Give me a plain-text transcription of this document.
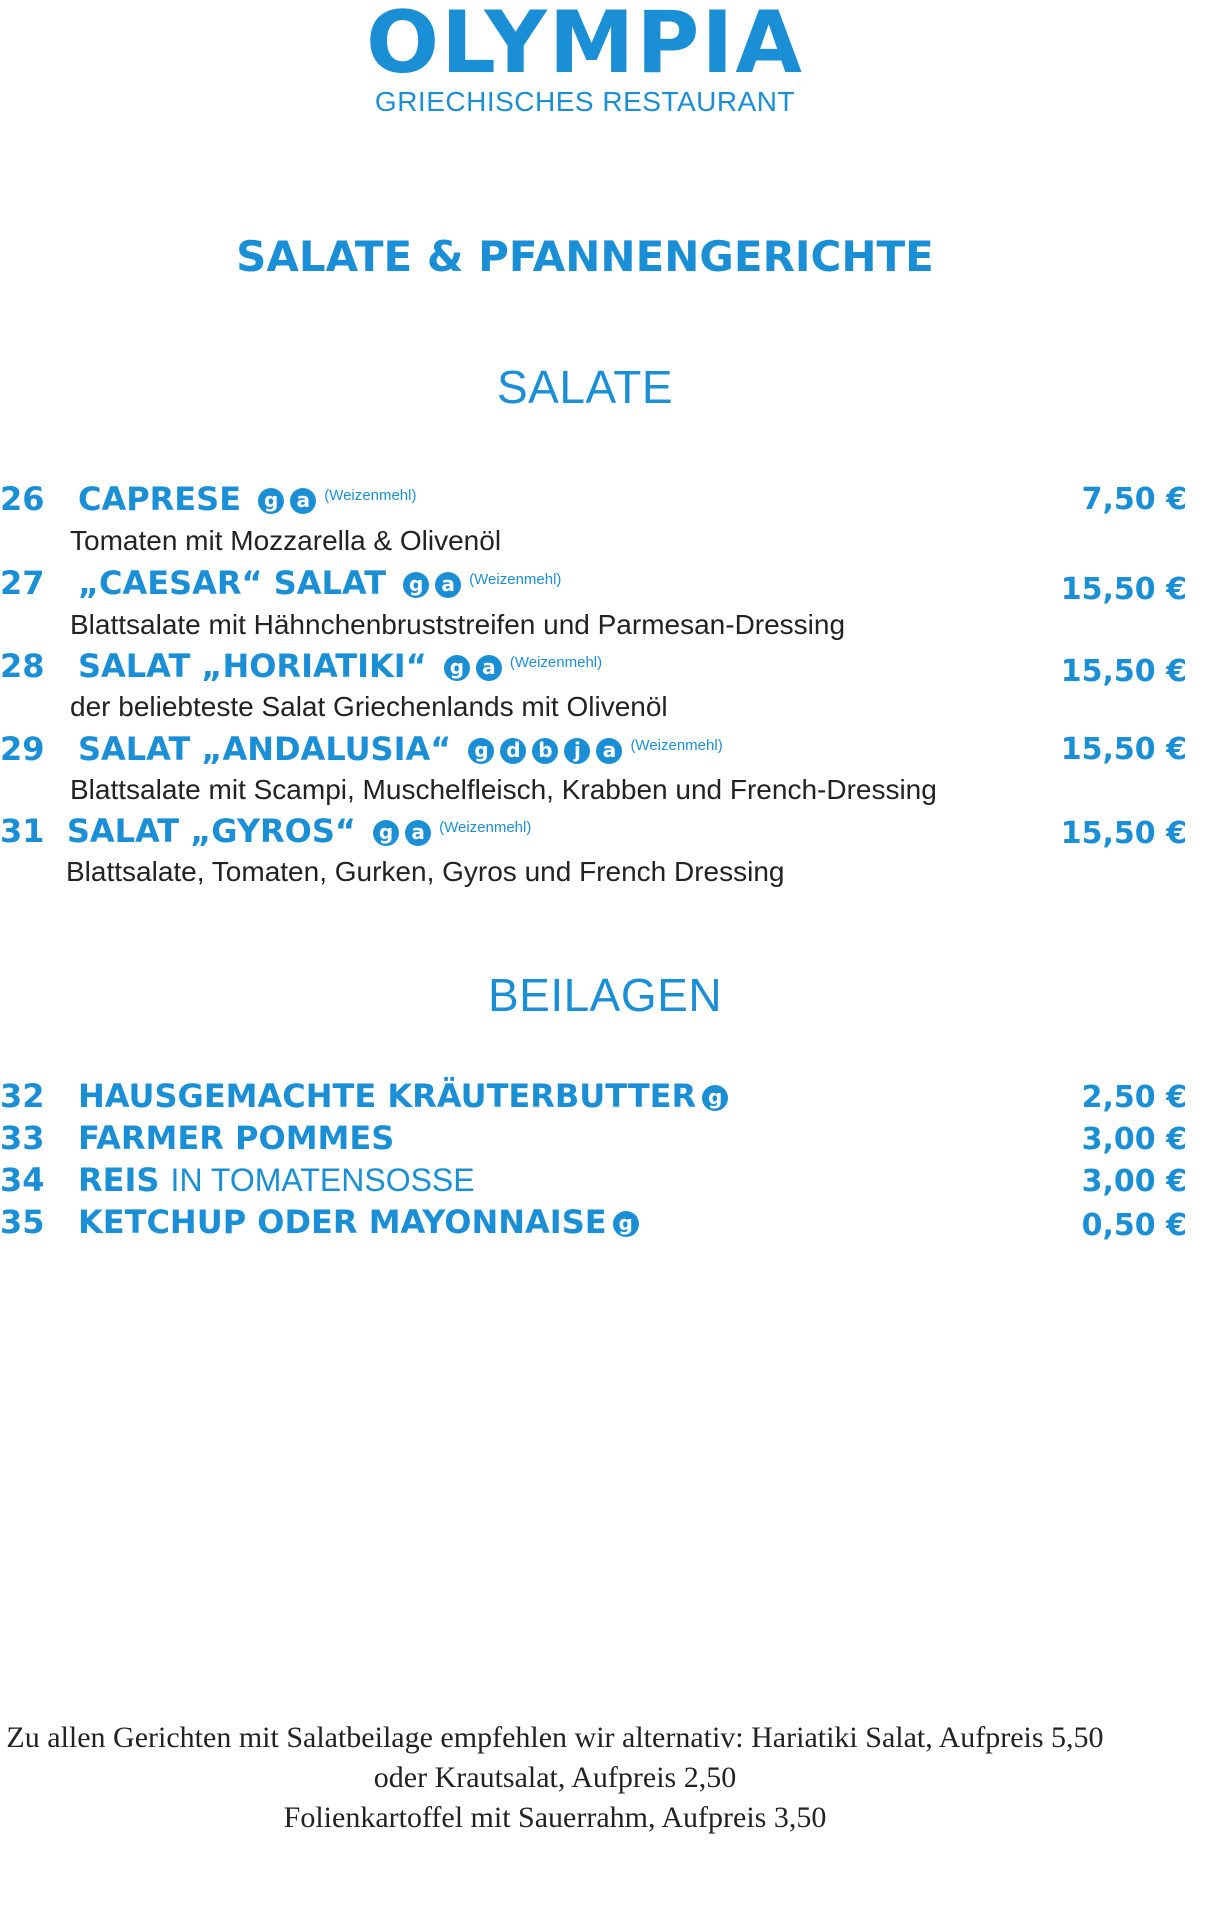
OLYMPIA
GRIECHISCHES RESTAURANT
SALATE & PFANNENGERICHTE
SALATE
26 CAPRESE g a $^{(Weizenmehl)}$	7,50 €
Tomaten mit Mozzarella & Olivenöl
27 „CAESAR“ SALAT g a $^{(Weizenmehl)}$	15,50 €
Blattsalate mit Hähnchenbruststreifen und Parmesan-Dressing
28 SALAT „HORIATIKI“ g a $^{(Weizenmehl)}$	15,50 €
der beliebteste Salat Griechenlands mit Olivenöl
29 SALAT „ANDALUSIA“ g d b j a $^{(Weizenmehl)}$	15,50 €
Blattsalate mit Scampi, Muschelfleisch, Krabben und French-Dressing
31 SALAT „GYROS“ g a $^{(Weizenmehl)}$	15,50 €
Blattsalate, Tomaten, Gurken, Gyros und French Dressing
BEILAGEN
32 HAUSGEMACHTE KRÄUTERBUTTER g	2,50 €
33 FARMER POMMES	3,00 €
34 REIS IN TOMATENSOSSE	3,00 €
35 KETCHUP ODER MAYONNAISE g	0,50 €
Zu allen Gerichten mit Salatbeilage empfehlen wir alternativ: Hariatiki Salat, Aufpreis 5,50
oder Krautsalat, Aufpreis 2,50
Folienkartoffel mit Sauerrahm, Aufpreis 3,50
